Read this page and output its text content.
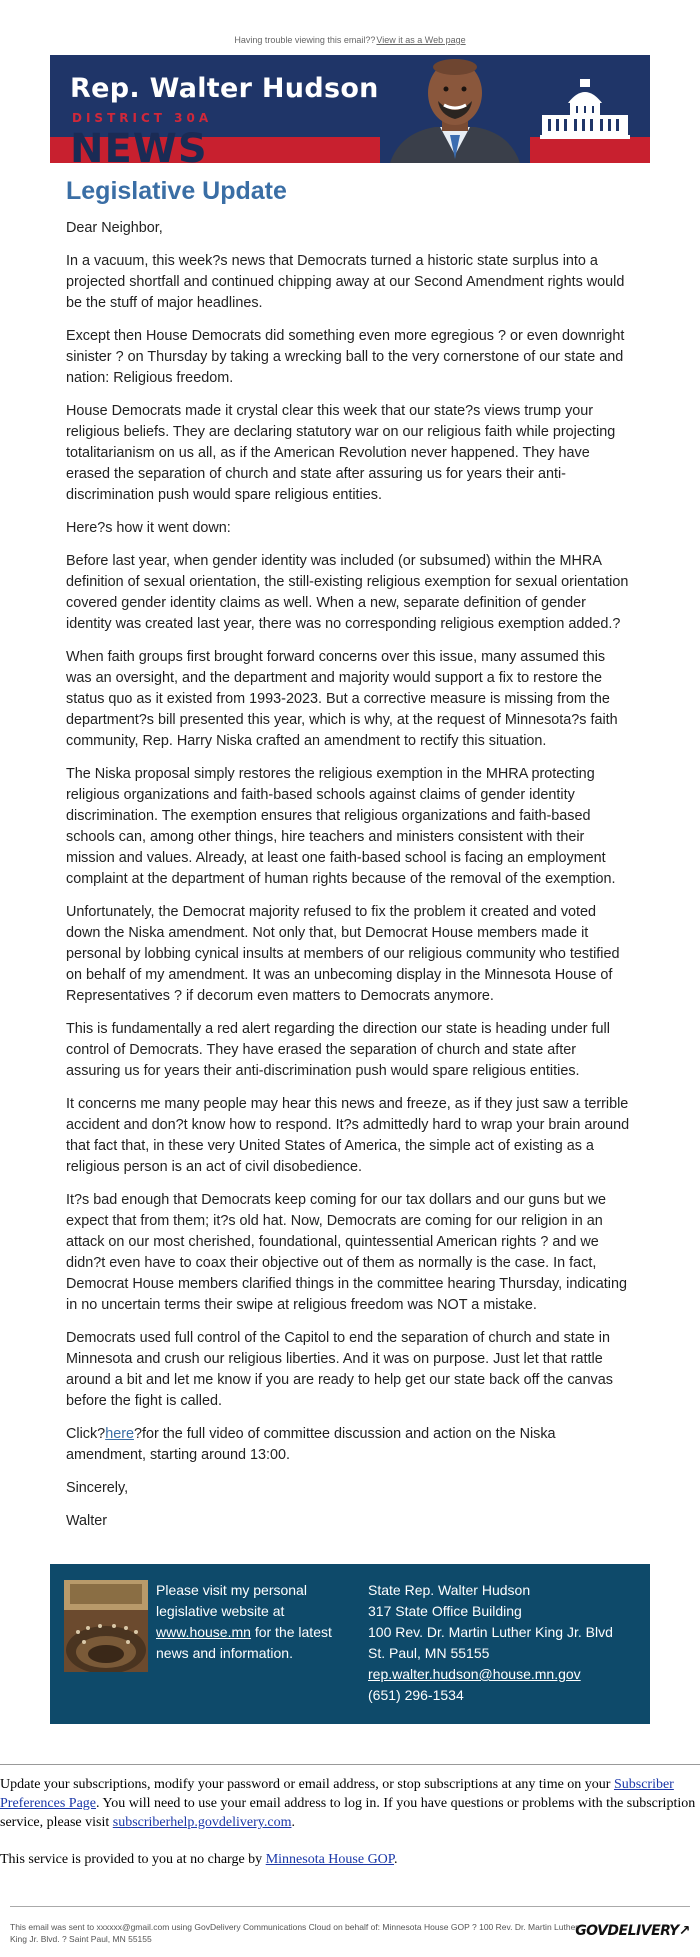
Having trouble viewing this email?? View it as a Web page
Rep. Walter Hudson
DISTRICT 30A
NEWS
Legislative Update

Dear Neighbor,

In a vacuum, this week?s news that Democrats turned a historic state surplus into a projected shortfall and continued chipping away at our Second Amendment rights would be the stuff of major headlines.

Except then House Democrats did something even more egregious ? or even downright sinister ? on Thursday by taking a wrecking ball to the very cornerstone of our state and nation: Religious freedom.

House Democrats made it crystal clear this week that our state?s views trump your religious beliefs. They are declaring statutory war on our religious faith while projecting totalitarianism on us all, as if the American Revolution never happened. They have erased the separation of church and state after assuring us for years their anti-discrimination push would spare religious entities.

Here?s how it went down:

Before last year, when gender identity was included (or subsumed) within the MHRA definition of sexual orientation, the still-existing religious exemption for sexual orientation covered gender identity claims as well. When a new, separate definition of gender identity was created last year, there was no corresponding religious exemption added.?

When faith groups first brought forward concerns over this issue, many assumed this was an oversight, and the department and majority would support a fix to restore the status quo as it existed from 1993-2023. But a corrective measure is missing from the department?s bill presented this year, which is why, at the request of Minnesota?s faith community, Rep. Harry Niska crafted an amendment to rectify this situation.

The Niska proposal simply restores the religious exemption in the MHRA protecting religious organizations and faith-based schools against claims of gender identity discrimination. The exemption ensures that religious organizations and faith-based schools can, among other things, hire teachers and ministers consistent with their mission and values. Already, at least one faith-based school is facing an employment complaint at the department of human rights because of the removal of the exemption.

Unfortunately, the Democrat majority refused to fix the problem it created and voted down the Niska amendment. Not only that, but Democrat House members made it personal by lobbing cynical insults at members of our religious community who testified on behalf of my amendment. It was an unbecoming display in the Minnesota House of Representatives ? if decorum even matters to Democrats anymore.

This is fundamentally a red alert regarding the direction our state is heading under full control of Democrats. They have erased the separation of church and state after assuring us for years their anti-discrimination push would spare religious entities.

It concerns me many people may hear this news and freeze, as if they just saw a terrible accident and don?t know how to respond. It?s admittedly hard to wrap your brain around that fact that, in these very United States of America, the simple act of existing as a religious person is an act of civil disobedience.

It?s bad enough that Democrats keep coming for our tax dollars and our guns but we expect that from them; it?s old hat. Now, Democrats are coming for our religion in an attack on our most cherished, foundational, quintessential American rights ? and we didn?t even have to coax their objective out of them as normally is the case. In fact, Democrat House members clarified things in the committee hearing Thursday, indicating in no uncertain terms their swipe at religious freedom was NOT a mistake.

Democrats used full control of the Capitol to end the separation of church and state in Minnesota and crush our religious liberties. And it was on purpose. Just let that rattle around a bit and let me know if you are ready to help get our state back off the canvas before the fight is called.

Click?here?for the full video of committee discussion and action on the Niska amendment, starting around 13:00.

Sincerely,

Walter

Please visit my personal legislative website at www.house.mn for the latest news and information.
State Rep. Walter Hudson
317 State Office Building
100 Rev. Dr. Martin Luther King Jr. Blvd
St. Paul, MN 55155
rep.walter.hudson@house.mn.gov
(651) 296-1534

Update your subscriptions, modify your password or email address, or stop subscriptions at any time on your Subscriber Preferences Page. You will need to use your email address to log in. If you have questions or problems with the subscription service, please visit subscriberhelp.govdelivery.com.

This service is provided to you at no charge by Minnesota House GOP.

This email was sent to xxxxxx@gmail.com using GovDelivery Communications Cloud on behalf of: Minnesota House GOP ? 100 Rev. Dr. Martin Luther King Jr. Blvd. ? Saint Paul, MN 55155	GOVDELIVERY↗
